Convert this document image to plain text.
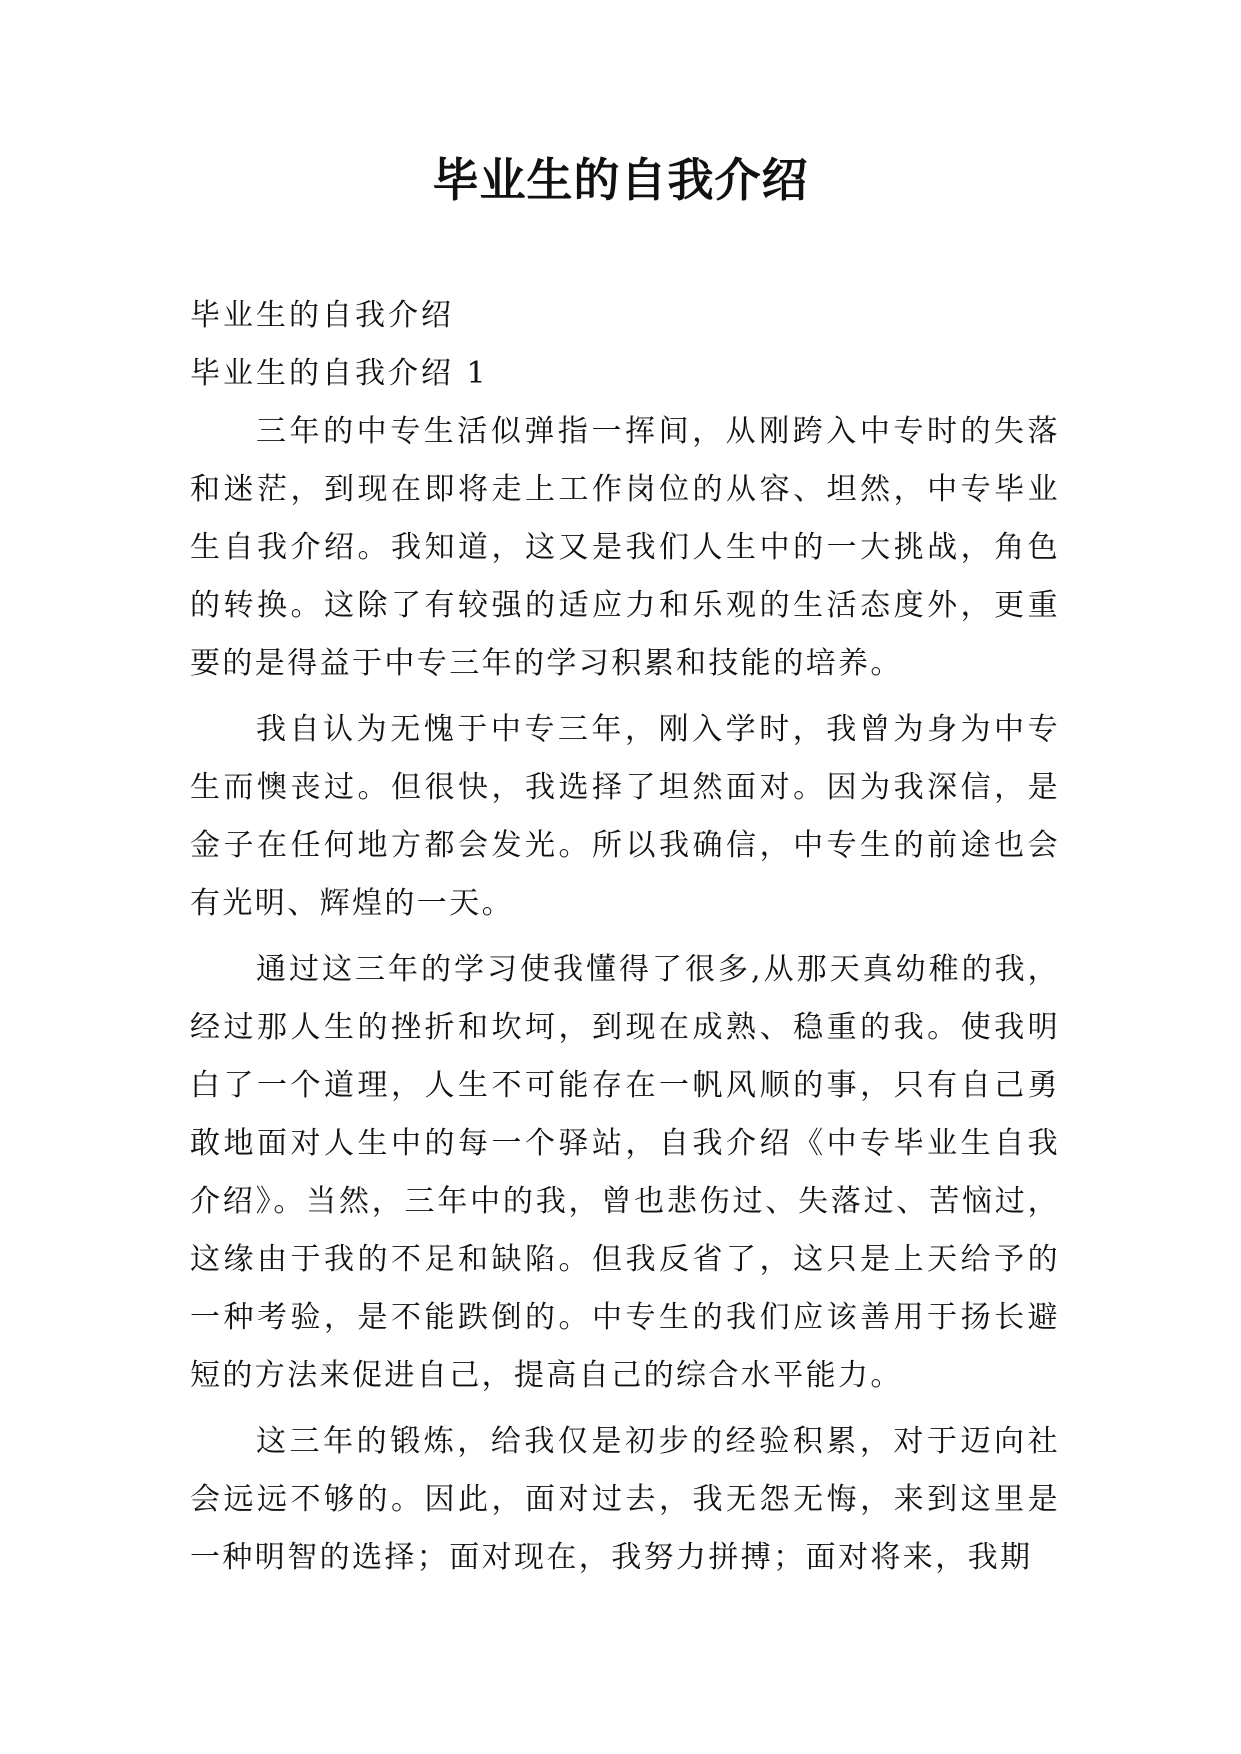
毕业生的自我介绍

毕业生的自我介绍

毕业生的自我介绍 1

三年的中专生活似弹指一挥间，从刚跨入中专时的失落和迷茫，到现在即将走上工作岗位的从容、坦然，中专毕业生自我介绍。我知道，这又是我们人生中的一大挑战，角色的转换。这除了有较强的适应力和乐观的生活态度外，更重要的是得益于中专三年的学习积累和技能的培养。

我自认为无愧于中专三年，刚入学时，我曾为身为中专生而懊丧过。但很快，我选择了坦然面对。因为我深信，是金子在任何地方都会发光。所以我确信，中专生的前途也会有光明、辉煌的一天。

通过这三年的学习使我懂得了很多,从那天真幼稚的我，经过那人生的挫折和坎坷，到现在成熟、稳重的我。使我明白了一个道理，人生不可能存在一帆风顺的事，只有自己勇敢地面对人生中的每一个驿站，自我介绍《中专毕业生自我介绍》。当然，三年中的我，曾也悲伤过、失落过、苦恼过，这缘由于我的不足和缺陷。但我反省了，这只是上天给予的一种考验，是不能跌倒的。中专生的我们应该善用于扬长避短的方法来促进自己，提高自己的综合水平能力。

这三年的锻炼，给我仅是初步的经验积累，对于迈向社会远远不够的。因此，面对过去，我无怨无悔，来到这里是一种明智的选择；面对现在，我努力拼搏；面对将来，我期
